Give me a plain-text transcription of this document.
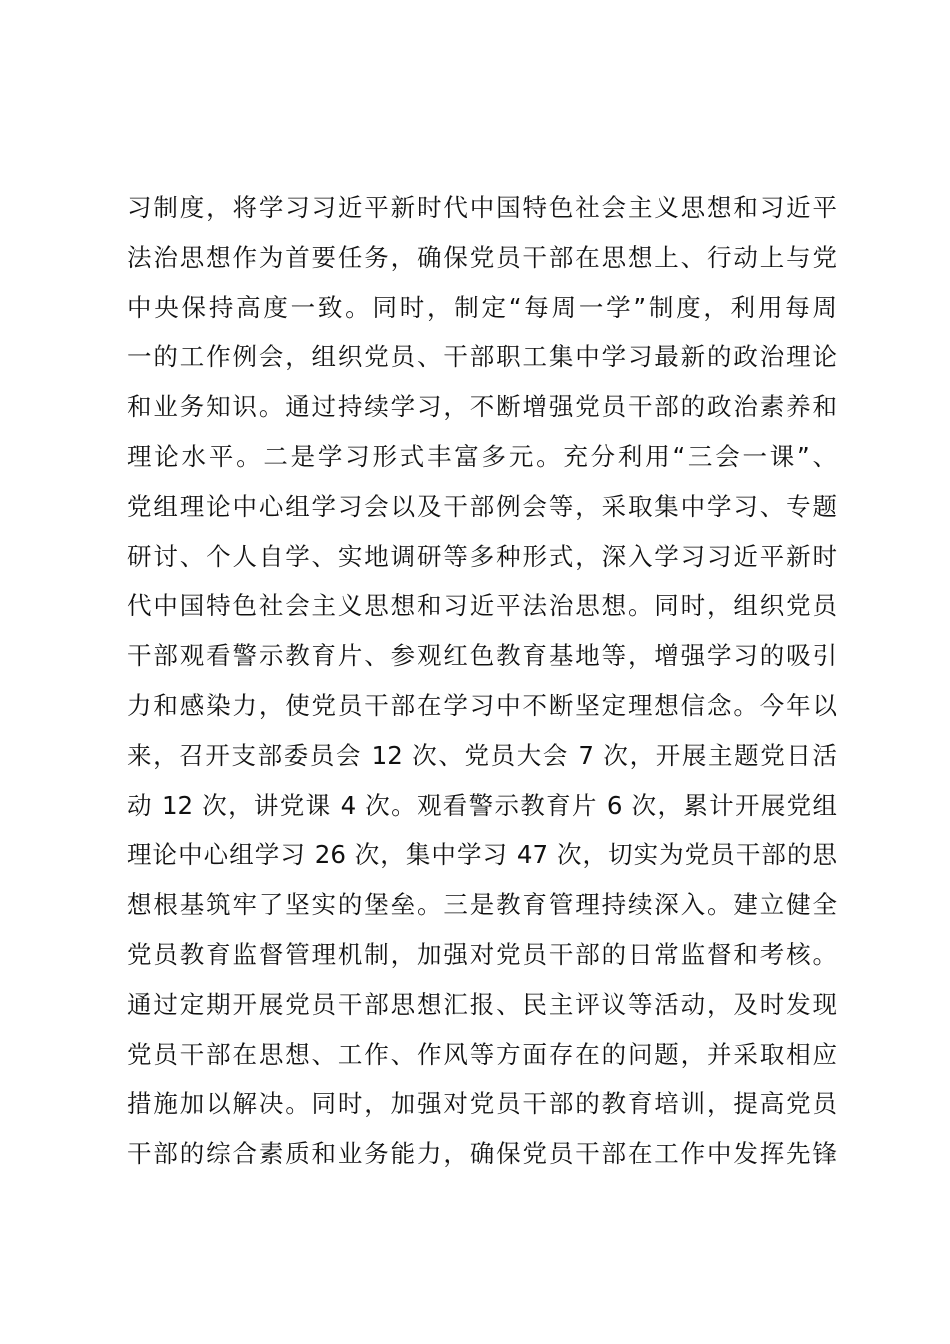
习制度，将学习习近平新时代中国特色社会主义思想和习近平
法治思想作为首要任务，确保党员干部在思想上、行动上与党
中央保持高度一致。同时，制定“每周一学”制度，利用每周
一的工作例会，组织党员、干部职工集中学习最新的政治理论
和业务知识。通过持续学习，不断增强党员干部的政治素养和
理论水平。二是学习形式丰富多元。充分利用“三会一课”、
党组理论中心组学习会以及干部例会等，采取集中学习、专题
研讨、个人自学、实地调研等多种形式，深入学习习近平新时
代中国特色社会主义思想和习近平法治思想。同时，组织党员
干部观看警示教育片、参观红色教育基地等，增强学习的吸引
力和感染力，使党员干部在学习中不断坚定理想信念。今年以
来，召开支部委员会 12 次、党员大会 7 次，开展主题党日活
动 12 次，讲党课 4 次。观看警示教育片 6 次，累计开展党组
理论中心组学习 26 次，集中学习 47 次，切实为党员干部的思
想根基筑牢了坚实的堡垒。三是教育管理持续深入。建立健全
党员教育监督管理机制，加强对党员干部的日常监督和考核。
通过定期开展党员干部思想汇报、民主评议等活动，及时发现
党员干部在思想、工作、作风等方面存在的问题，并采取相应
措施加以解决。同时，加强对党员干部的教育培训，提高党员
干部的综合素质和业务能力，确保党员干部在工作中发挥先锋
